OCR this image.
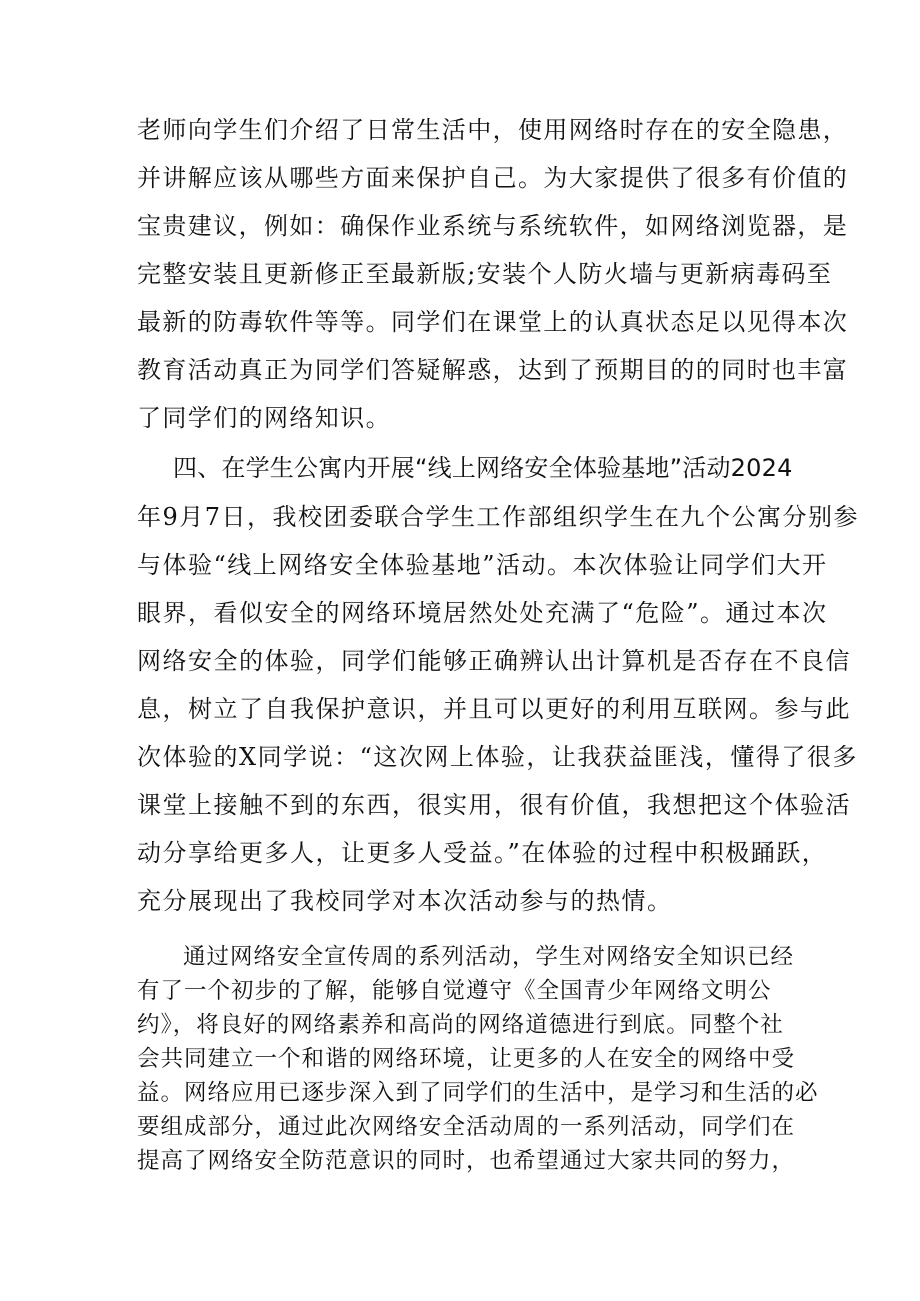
老师向学生们介绍了日常生活中，使用网络时存在的安全隐患，
并讲解应该从哪些方面来保护自己。为大家提供了很多有价值的
宝贵建议，例如：确保作业系统与系统软件，如网络浏览器，是
完整安装且更新修正至最新版;安装个人防火墙与更新病毒码至
最新的防毒软件等等。同学们在课堂上的认真状态足以见得本次
教育活动真正为同学们答疑解惑，达到了预期目的的同时也丰富
了同学们的网络知识。
四、在学生公寓内开展“线上网络安全体验基地”活动2024
年9月7日，我校团委联合学生工作部组织学生在九个公寓分别参
与体验“线上网络安全体验基地”活动。本次体验让同学们大开
眼界，看似安全的网络环境居然处处充满了“危险”。通过本次
网络安全的体验，同学们能够正确辨认出计算机是否存在不良信
息，树立了自我保护意识，并且可以更好的利用互联网。参与此
次体验的X同学说：“这次网上体验，让我获益匪浅，懂得了很多
课堂上接触不到的东西，很实用，很有价值，我想把这个体验活
动分享给更多人，让更多人受益。”在体验的过程中积极踊跃，
充分展现出了我校同学对本次活动参与的热情。
通过网络安全宣传周的系列活动，学生对网络安全知识已经
有了一个初步的了解，能够自觉遵守《全国青少年网络文明公
约》，将良好的网络素养和高尚的网络道德进行到底。同整个社
会共同建立一个和谐的网络环境，让更多的人在安全的网络中受
益。网络应用已逐步深入到了同学们的生活中，是学习和生活的必
要组成部分，通过此次网络安全活动周的一系列活动，同学们在
提高了网络安全防范意识的同时，也希望通过大家共同的努力，
